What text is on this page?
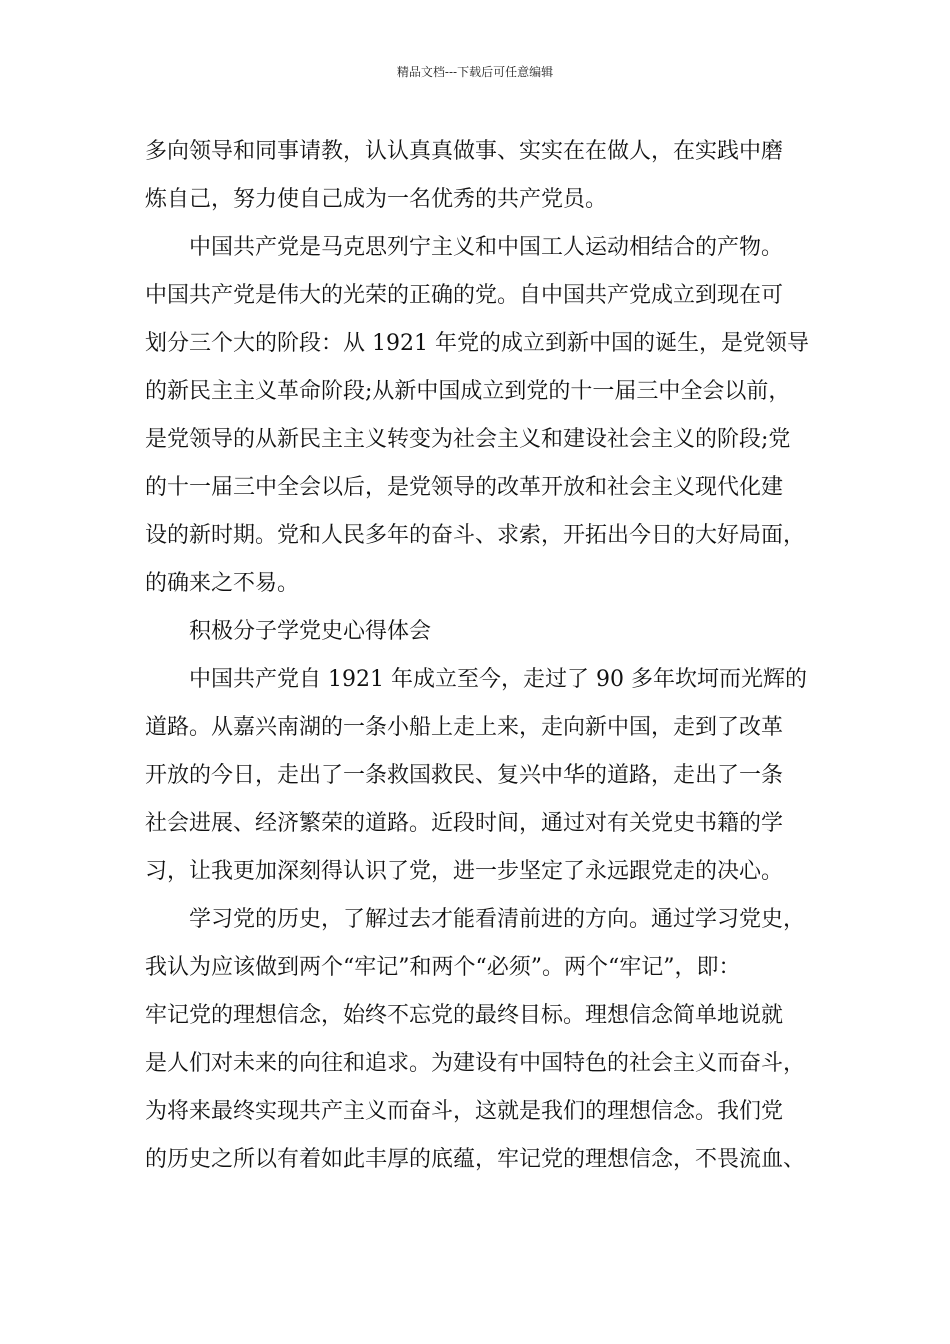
精品文档---下载后可任意编辑
多向领导和同事请教，认认真真做事、实实在在做人，在实践中磨
炼自己，努力使自己成为一名优秀的共产党员。
中国共产党是马克思列宁主义和中国工人运动相结合的产物。
中国共产党是伟大的光荣的正确的党。自中国共产党成立到现在可
划分三个大的阶段：从 1921 年党的成立到新中国的诞生，是党领导
的新民主主义革命阶段;从新中国成立到党的十一届三中全会以前，
是党领导的从新民主主义转变为社会主义和建设社会主义的阶段;党
的十一届三中全会以后，是党领导的改革开放和社会主义现代化建
设的新时期。党和人民多年的奋斗、求索，开拓出今日的大好局面，
的确来之不易。
积极分子学党史心得体会
中国共产党自 1921 年成立至今，走过了 90 多年坎坷而光辉的
道路。从嘉兴南湖的一条小船上走上来，走向新中国，走到了改革
开放的今日，走出了一条救国救民、复兴中华的道路，走出了一条
社会进展、经济繁荣的道路。近段时间，通过对有关党史书籍的学
习，让我更加深刻得认识了党，进一步坚定了永远跟党走的决心。
学习党的历史，了解过去才能看清前进的方向。通过学习党史，
我认为应该做到两个“牢记”和两个“必须”。两个“牢记”，即：
牢记党的理想信念，始终不忘党的最终目标。理想信念简单地说就
是人们对未来的向往和追求。为建设有中国特色的社会主义而奋斗，
为将来最终实现共产主义而奋斗，这就是我们的理想信念。我们党
的历史之所以有着如此丰厚的底蕴，牢记党的理想信念，不畏流血、
